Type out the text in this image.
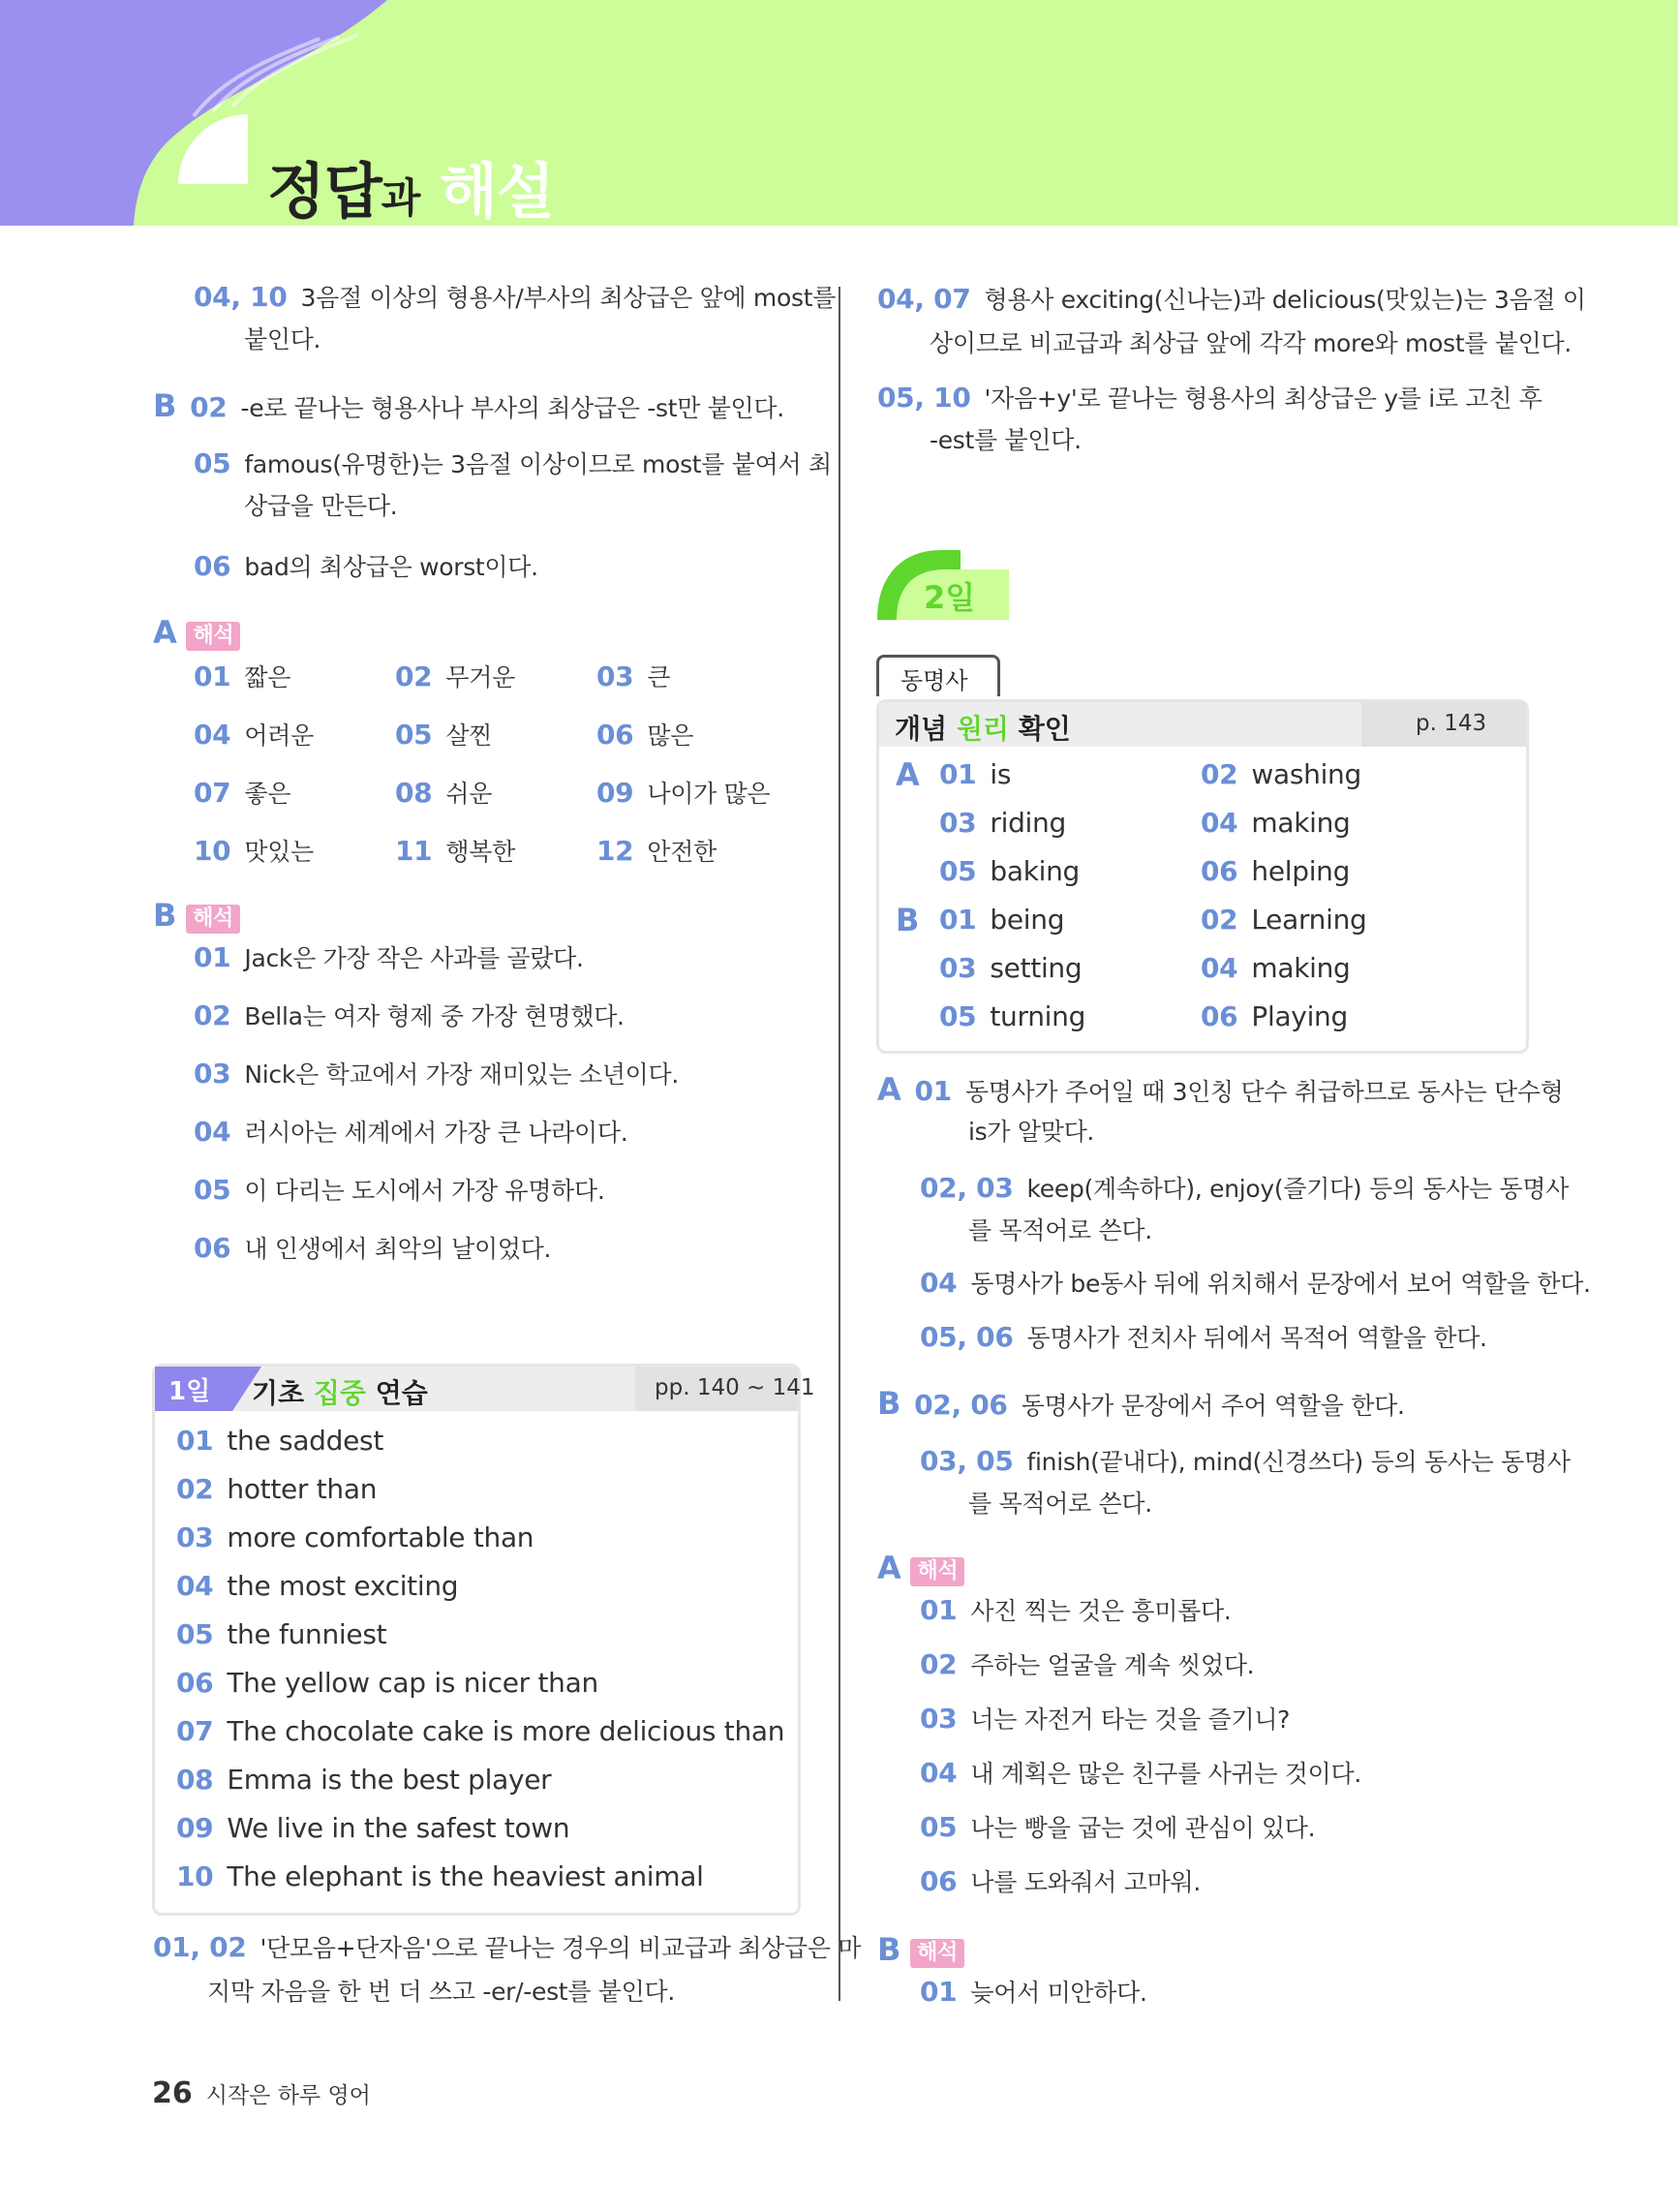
정답과 해설
04, 10 3음절 이상의 형용사/부사의 최상급은 앞에 most를
붙인다.
B 02 -e로 끝나는 형용사나 부사의 최상급은 -st만 붙인다.
05 famous(유명한)는 3음절 이상이므로 most를 붙여서 최
상급을 만든다.
06 bad의 최상급은 worst이다.
A 해석
01 짧은	02 무거운	03 큰
04 어려운	05 살찐	06 많은
07 좋은	08 쉬운	09 나이가 많은
10 맛있는	11 행복한	12 안전한
B 해석
01 Jack은 가장 작은 사과를 골랐다.
02 Bella는 여자 형제 중 가장 현명했다.
03 Nick은 학교에서 가장 재미있는 소년이다.
04 러시아는 세계에서 가장 큰 나라이다.
05 이 다리는 도시에서 가장 유명하다.
06 내 인생에서 최악의 날이었다.
1일 기초 집중 연습	pp. 140 ~ 141
01 the saddest
02 hotter than
03 more comfortable than
04 the most exciting
05 the funniest
06 The yellow cap is nicer than
07 The chocolate cake is more delicious than
08 Emma is the best player
09 We live in the safest town
10 The elephant is the heaviest animal
01, 02 '단모음+단자음'으로 끝나는 경우의 비교급과 최상급은 마
지막 자음을 한 번 더 쓰고 -er/-est를 붙인다.
04, 07 형용사 exciting(신나는)과 delicious(맛있는)는 3음절 이
상이므로 비교급과 최상급 앞에 각각 more와 most를 붙인다.
05, 10 '자음+y'로 끝나는 형용사의 최상급은 y를 i로 고친 후
-est를 붙인다.
2일
동명사
개념 원리 확인	p. 143
A
B
01 is	02 washing
03 riding	04 making
05 baking	06 helping
01 being	02 Learning
03 setting	04 making
05 turning	06 Playing
A 01 동명사가 주어일 때 3인칭 단수 취급하므로 동사는 단수형
is가 알맞다.
02, 03 keep(계속하다), enjoy(즐기다) 등의 동사는 동명사
를 목적어로 쓴다.
04 동명사가 be동사 뒤에 위치해서 문장에서 보어 역할을 한다.
05, 06 동명사가 전치사 뒤에서 목적어 역할을 한다.
B 02, 06 동명사가 문장에서 주어 역할을 한다.
03, 05 finish(끝내다), mind(신경쓰다) 등의 동사는 동명사
를 목적어로 쓴다.
A 해석
01 사진 찍는 것은 흥미롭다.
02 주하는 얼굴을 계속 씻었다.
03 너는 자전거 타는 것을 즐기니?
04 내 계획은 많은 친구를 사귀는 것이다.
05 나는 빵을 굽는 것에 관심이 있다.
06 나를 도와줘서 고마워.
B 해석
01 늦어서 미안하다.
26 시작은 하루 영어
